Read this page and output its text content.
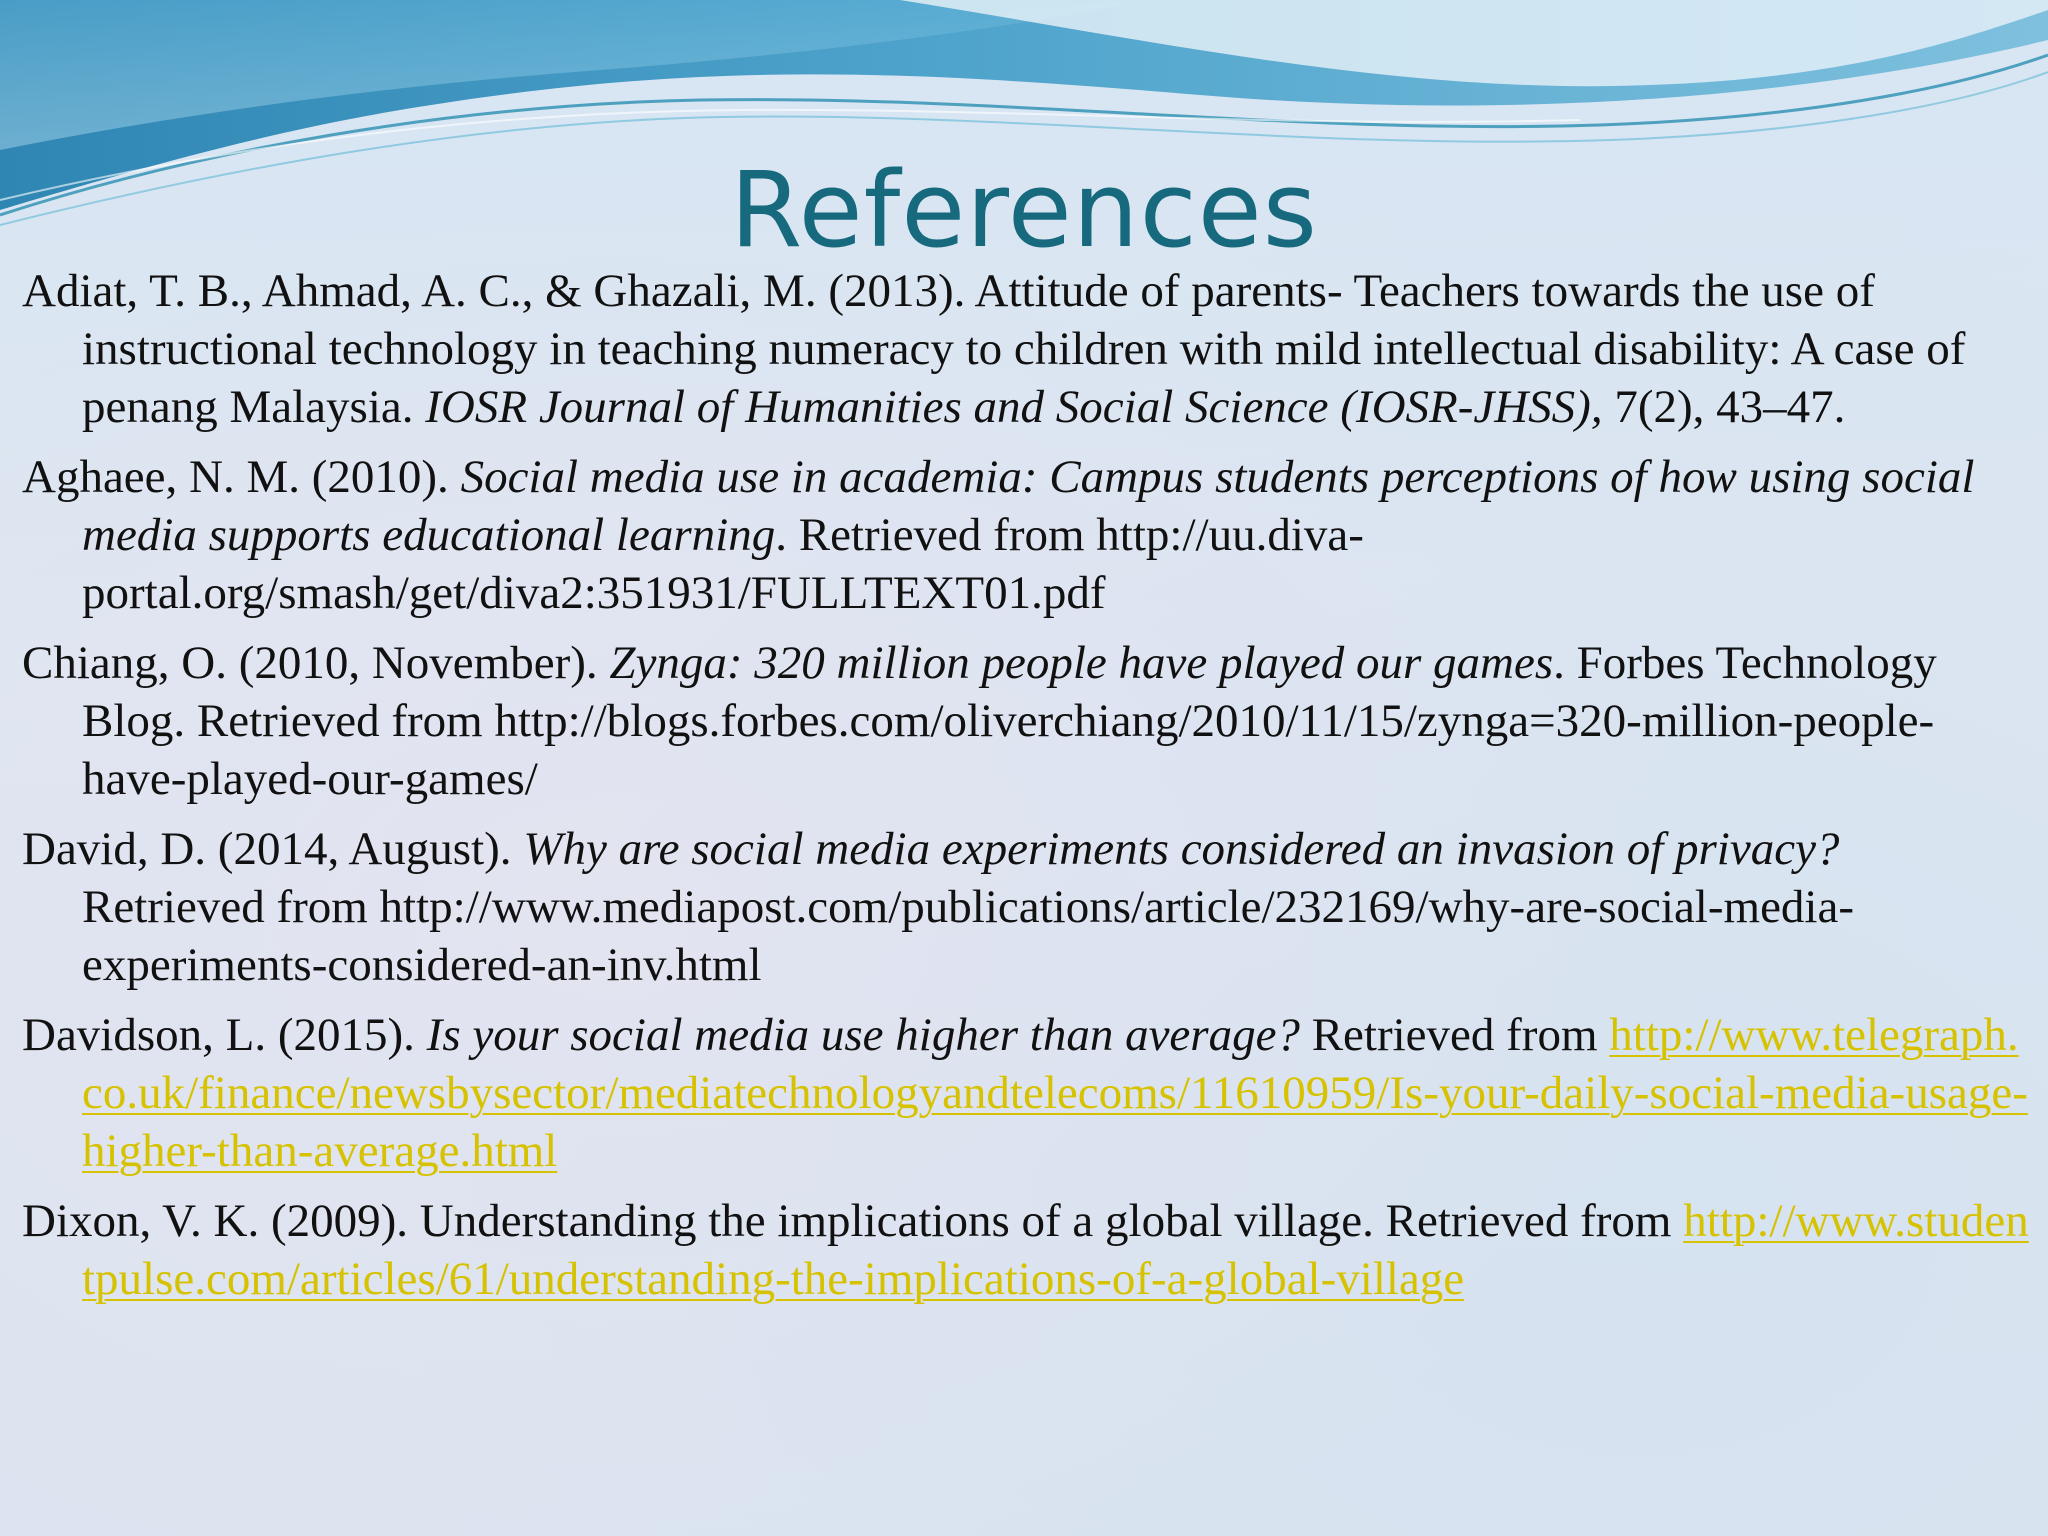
References
Adiat, T. B., Ahmad, A. C., & Ghazali, M. (2013). Attitude of parents- Teachers towards the use of instructional technology in teaching numeracy to children with mild intellectual disability: A case of penang Malaysia. IOSR Journal of Humanities and Social Science (IOSR-JHSS), 7(2), 43–47.
Aghaee, N. M. (2010). Social media use in academia: Campus students perceptions of how using social media supports educational learning. Retrieved from http://uu.diva-portal.org/smash/get/diva2:351931/FULLTEXT01.pdf
Chiang, O. (2010, November). Zynga: 320 million people have played our games. Forbes Technology Blog. Retrieved from http://blogs.forbes.com/oliverchiang/2010/11/15/zynga=320-million-people-have-played-our-games/
David, D. (2014, August). Why are social media experiments considered an invasion of privacy? Retrieved from http://www.mediapost.com/publications/article/232169/why-are-social-media-experiments-considered-an-inv.html
Davidson, L. (2015). Is your social media use higher than average? Retrieved from http://www.telegraph.co.uk/finance/newsbysector/mediatechnologyandtelecoms/11610959/Is-your-daily-social-media-usage-higher-than-average.html
Dixon, V. K. (2009). Understanding the implications of a global village. Retrieved from http://www.studentpulse.com/articles/61/understanding-the-implications-of-a-global-village
